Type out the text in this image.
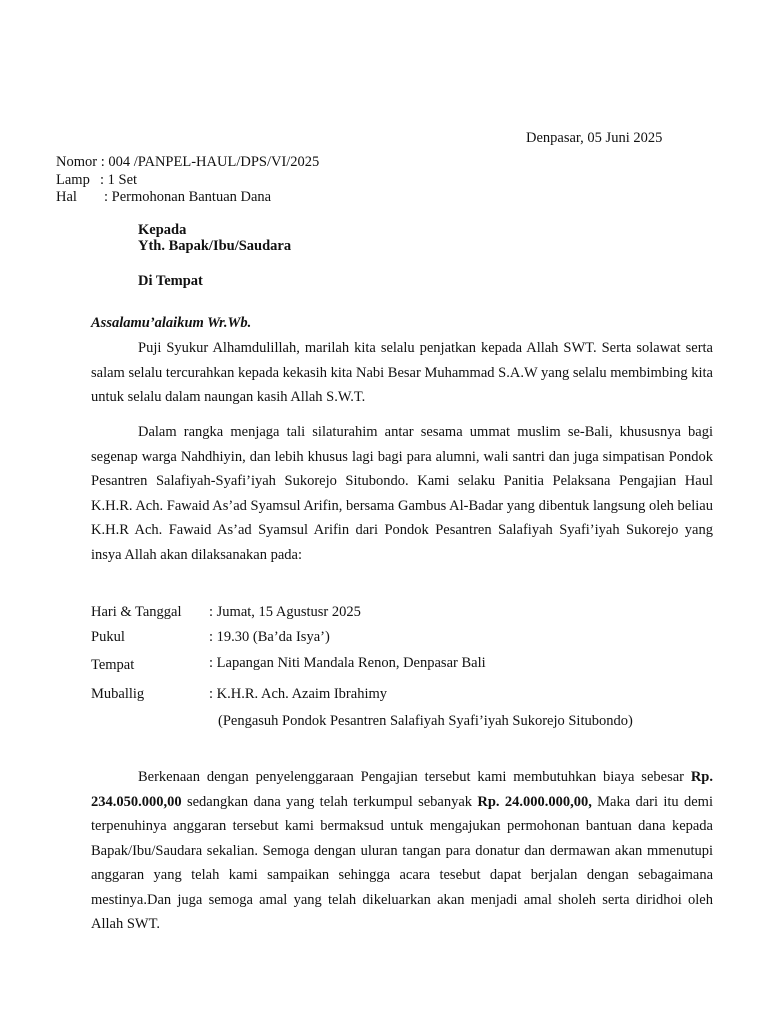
Denpasar, 05 Juni 2025
Nomor : 004 /PANPEL-HAUL/DPS/VI/2025
Lamp : 1 Set
Hal : Permohonan Bantuan Dana
Kepada
Yth. Bapak/Ibu/Saudara
Di Tempat
Assalamu’alaikum Wr.Wb.
Puji Syukur Alhamdulillah, marilah kita selalu penjatkan kepada Allah SWT. Serta solawat serta salam selalu tercurahkan kepada kekasih kita Nabi Besar Muhammad S.A.W yang selalu membimbing kita untuk selalu dalam naungan kasih Allah S.W.T.
Dalam rangka menjaga tali silaturahim antar sesama ummat muslim se-Bali, khususnya bagi segenap warga Nahdhiyin, dan lebih khusus lagi bagi para alumni, wali santri dan juga simpatisan Pondok Pesantren Salafiyah-Syafi’iyah Sukorejo Situbondo. Kami selaku Panitia Pelaksana Pengajian Haul K.H.R. Ach. Fawaid As’ad Syamsul Arifin, bersama Gambus Al-Badar yang dibentuk langsung oleh beliau K.H.R Ach. Fawaid As’ad Syamsul Arifin dari Pondok Pesantren Salafiyah Syafi’iyah Sukorejo yang insya Allah akan dilaksanakan pada:
Hari & Tanggal : Jumat, 15 Agustusr 2025
Pukul	: 19.30 (Ba’da Isya’)
Tempat	: Lapangan Niti Mandala Renon, Denpasar Bali
Muballig	: K.H.R. Ach. Azaim Ibrahimy
(Pengasuh Pondok Pesantren Salafiyah Syafi’iyah Sukorejo Situbondo)
Berkenaan dengan penyelenggaraan Pengajian tersebut kami membutuhkan biaya sebesar Rp. 234.050.000,00 sedangkan dana yang telah terkumpul sebanyak Rp. 24.000.000,00, Maka dari itu demi terpenuhinya anggaran tersebut kami bermaksud untuk mengajukan permohonan bantuan dana kepada Bapak/Ibu/Saudara sekalian. Semoga dengan uluran tangan para donatur dan dermawan akan mmenutupi anggaran yang telah kami sampaikan sehingga acara tesebut dapat berjalan dengan sebagaimana mestinya.Dan juga semoga amal yang telah dikeluarkan akan menjadi amal sholeh serta diridhoi oleh Allah SWT.
